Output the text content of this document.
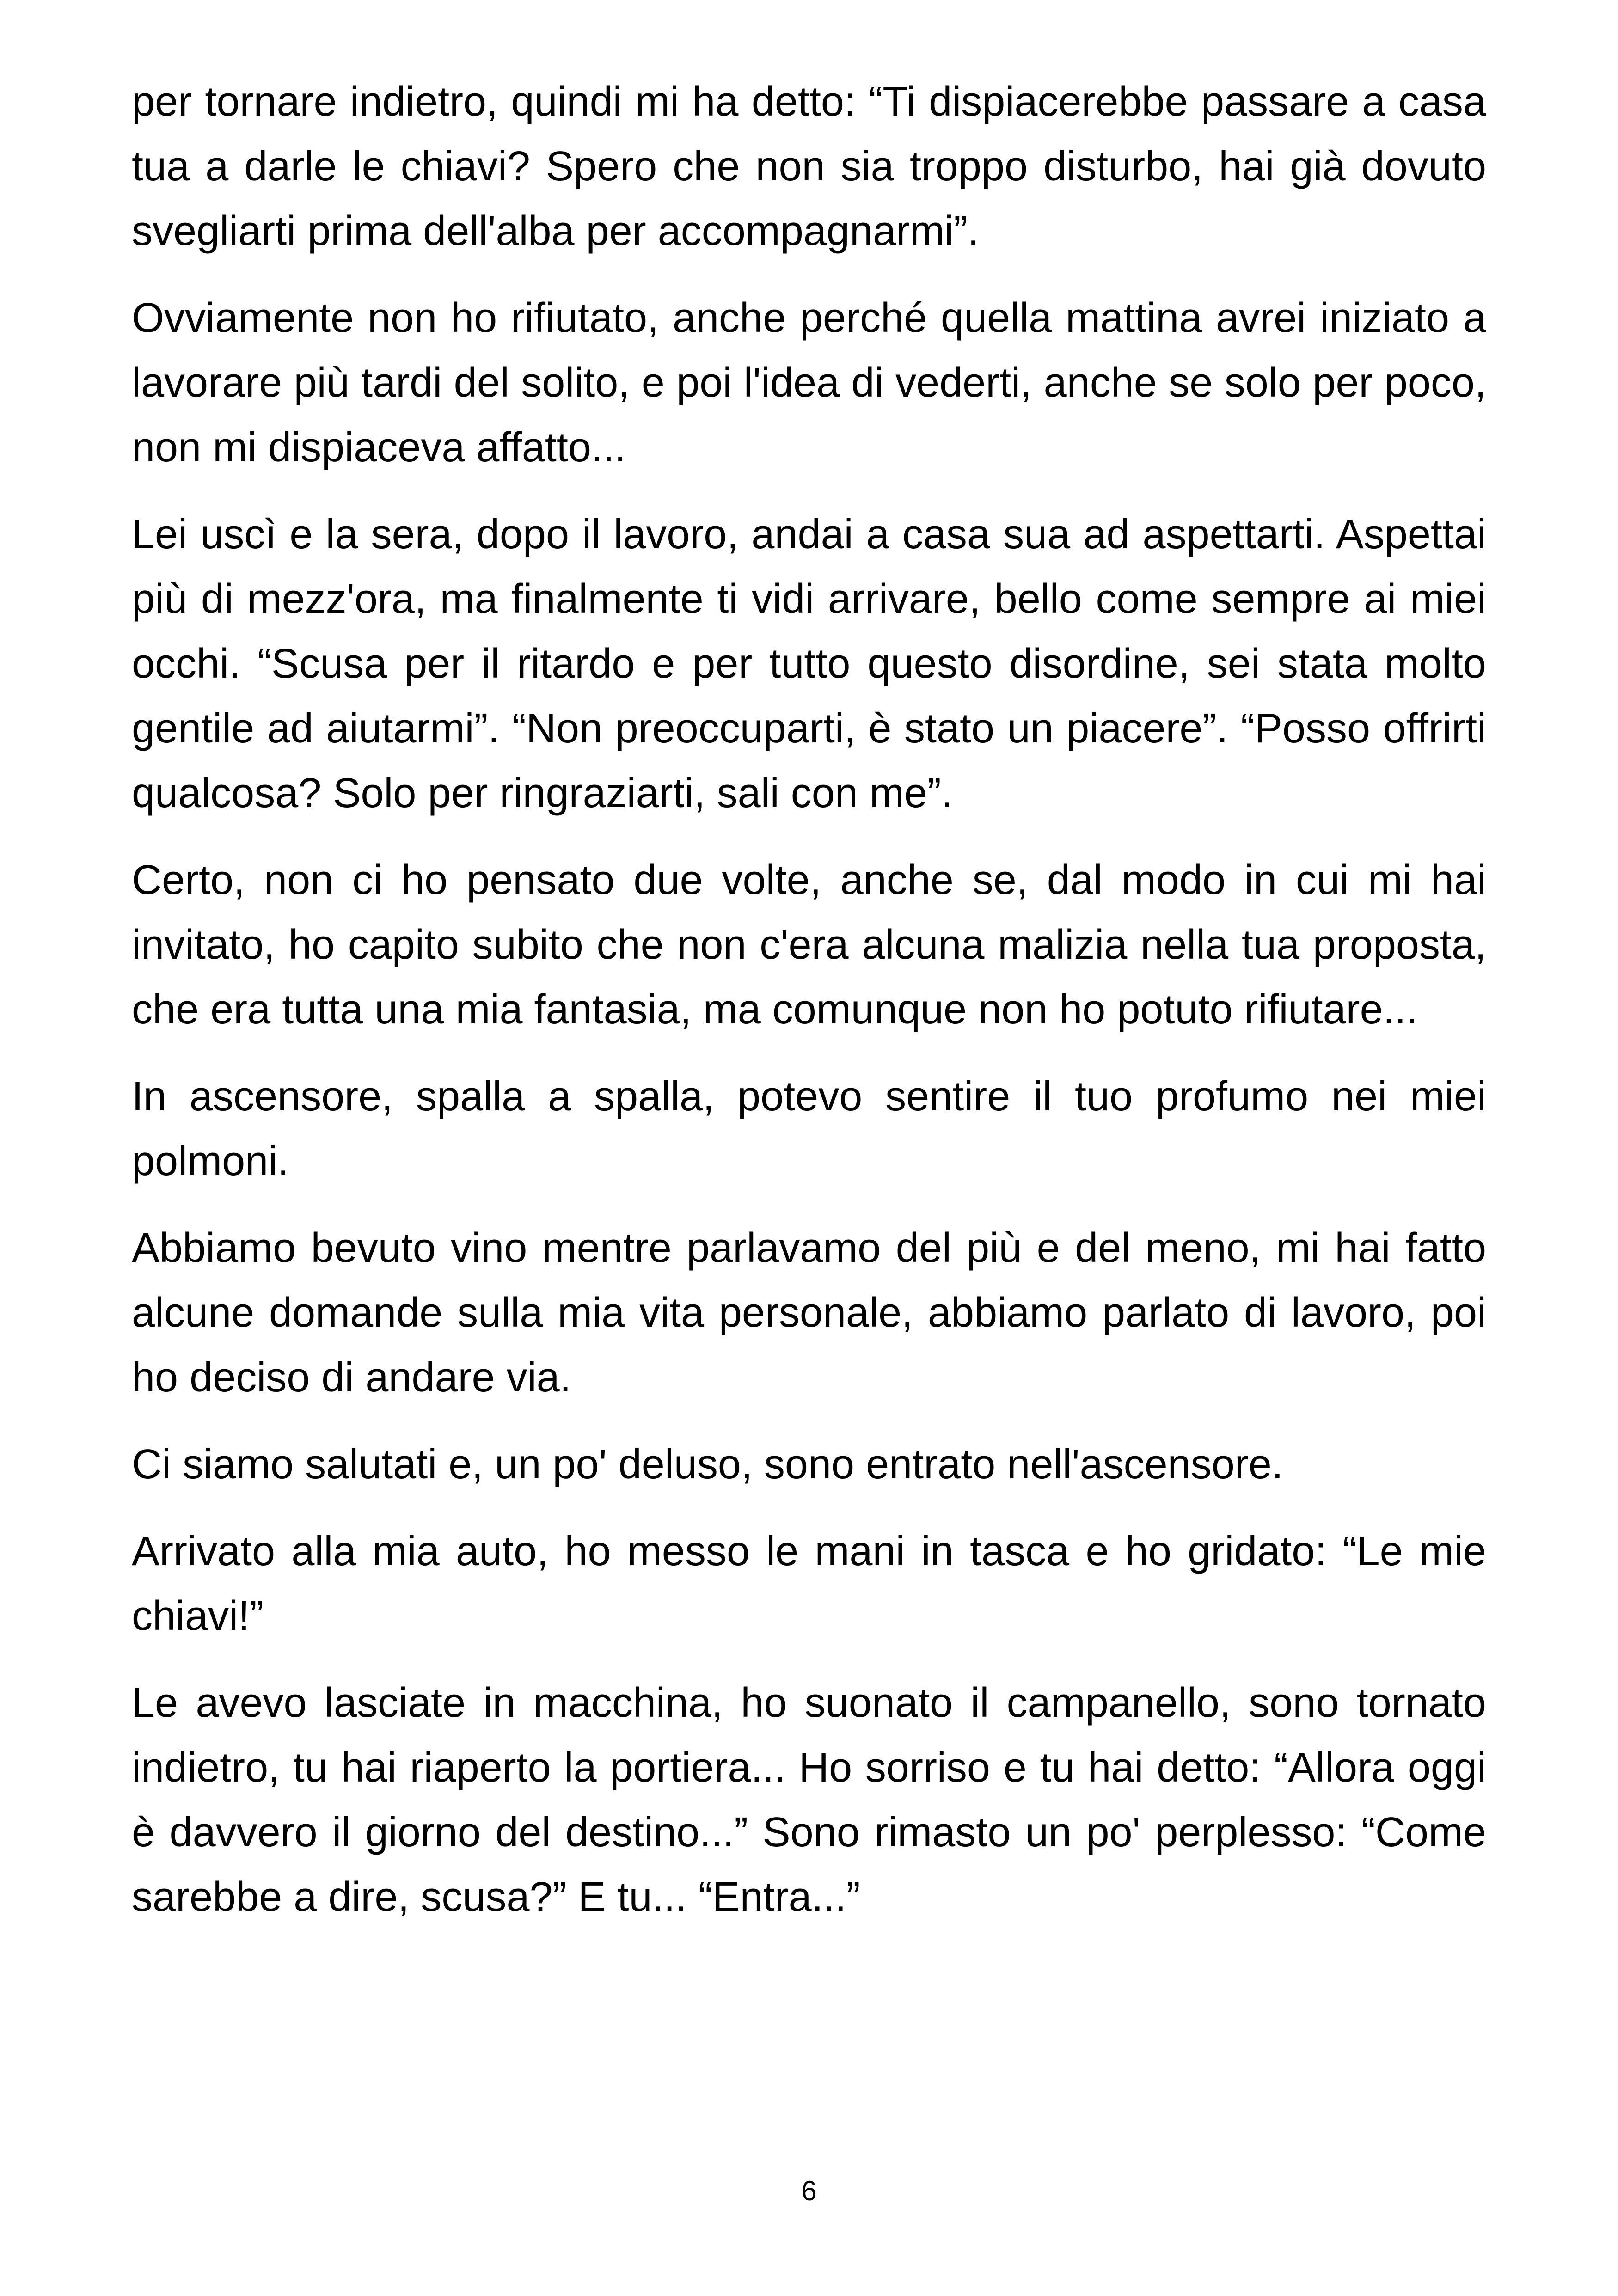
per tornare indietro, quindi mi ha detto: “Ti dispiacerebbe passare a casa tua a darle le chiavi? Spero che non sia troppo disturbo, hai già dovuto svegliarti prima dell'alba per accompagnarmi”.

Ovviamente non ho rifiutato, anche perché quella mattina avrei iniziato a lavorare più tardi del solito, e poi l'idea di vederti, anche se solo per poco, non mi dispiaceva affatto...

Lei uscì e la sera, dopo il lavoro, andai a casa sua ad aspettarti. Aspettai più di mezz'ora, ma finalmente ti vidi arrivare, bello come sempre ai miei occhi. “Scusa per il ritardo e per tutto questo disordine, sei stata molto gentile ad aiutarmi”. “Non preoccuparti, è stato un piacere”. “Posso offrirti qualcosa? Solo per ringraziarti, sali con me”.

Certo, non ci ho pensato due volte, anche se, dal modo in cui mi hai invitato, ho capito subito che non c'era alcuna malizia nella tua proposta, che era tutta una mia fantasia, ma comunque non ho potuto rifiutare...

In ascensore, spalla a spalla, potevo sentire il tuo profumo nei miei polmoni.

Abbiamo bevuto vino mentre parlavamo del più e del meno, mi hai fatto alcune domande sulla mia vita personale, abbiamo parlato di lavoro, poi ho deciso di andare via.

Ci siamo salutati e, un po' deluso, sono entrato nell'ascensore.

Arrivato alla mia auto, ho messo le mani in tasca e ho gridato: “Le mie chiavi!”

Le avevo lasciate in macchina, ho suonato il campanello, sono tornato indietro, tu hai riaperto la portiera... Ho sorriso e tu hai detto: “Allora oggi è davvero il giorno del destino...” Sono rimasto un po' perplesso: “Come sarebbe a dire, scusa?” E tu... “Entra...”

6
